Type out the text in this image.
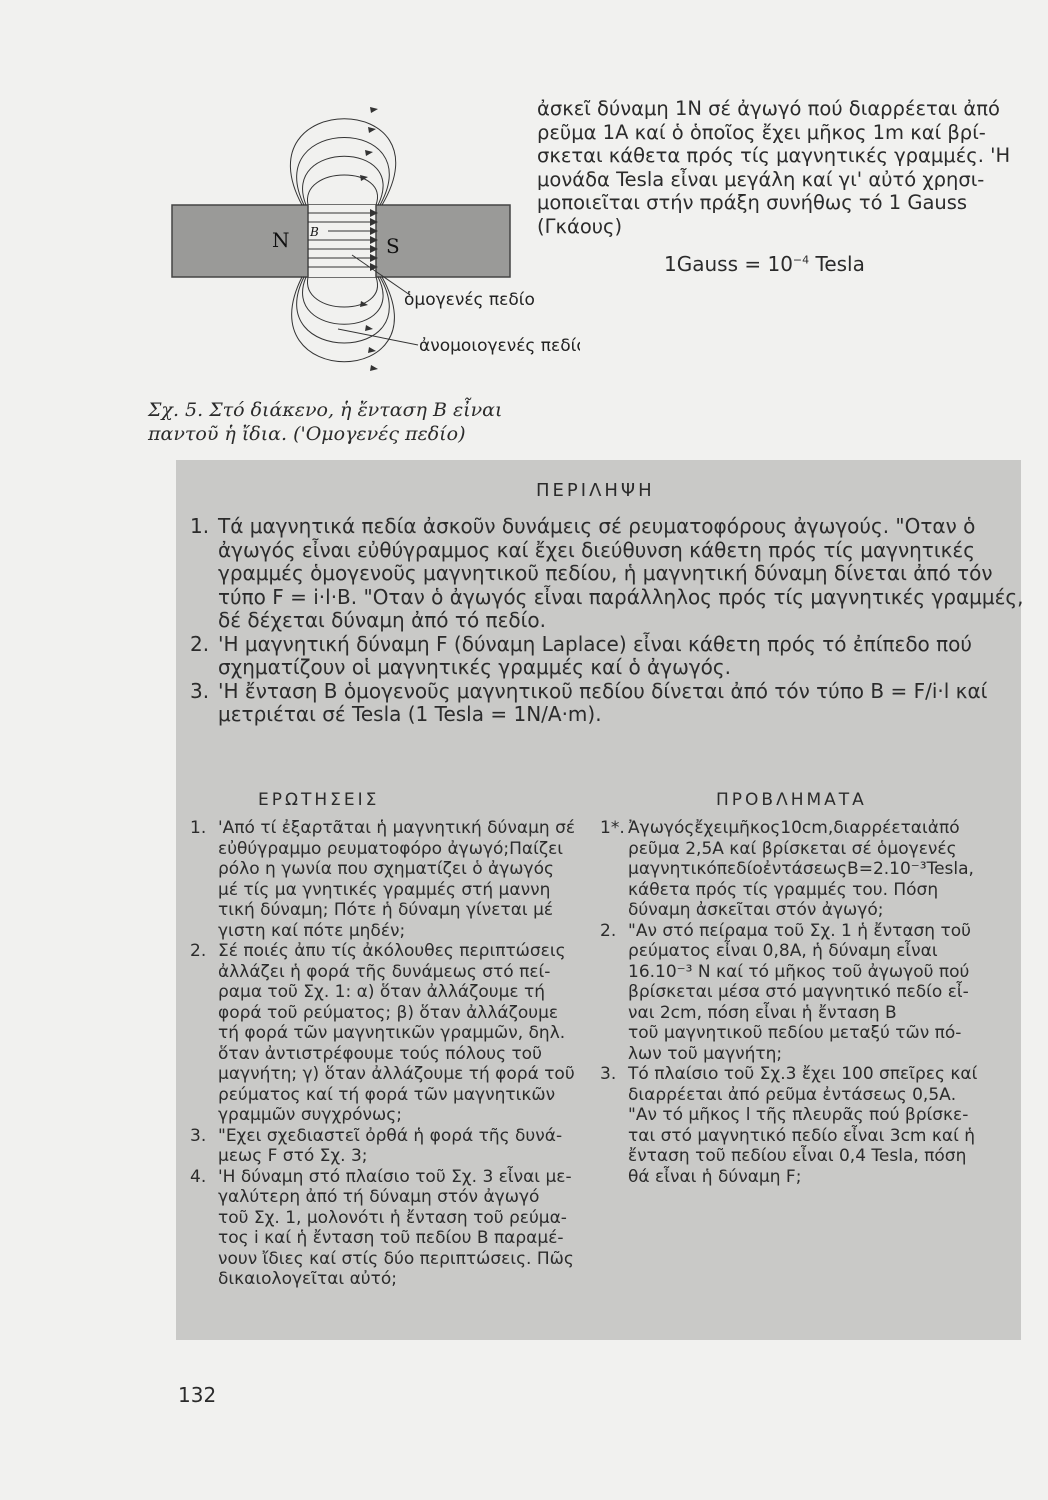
N	S
B
ὁμογενές πεδίο
ἀνομοιογενές πεδίο
Σχ. 5. Στό διάκενο, ἡ ἔνταση Β εἶναι
παντοῦ ἡ ἴδια. ('Ομογενές πεδίο)
ἀσκεῖ δύναμη 1Ν σέ ἀγωγό πού διαρρέεται ἀπό
ρεῦμα 1Α καί ὁ ὁποῖος ἔχει μῆκος 1m καί βρί-
σκεται κάθετα πρός τίς μαγνητικές γραμμές. 'Η
μονάδα Tesla εἶναι μεγάλη καί γι' αὐτό χρησι-
μοποιεῖται στήν πράξη συνήθως τό 1 Gauss
(Γκάους)
1Gauss = $10^{-4}$ Tesla
ΠΕΡΙΛΗΨΗ
1. Τά μαγνητικά πεδία ἀσκοῦν δυνάμεις σέ ρευματοφόρους ἀγωγούς. "Οταν ὁ
ἀγωγός εἶναι εὐθύγραμμος καί ἔχει διεύθυνση κάθετη πρός τίς μαγνητικές
γραμμές ὁμογενοῦς μαγνητικοῦ πεδίου, ἡ μαγνητική δύναμη δίνεται ἀπό τόν
τύπο F = i·l·B. "Οταν ὁ ἀγωγός εἶναι παράλληλος πρός τίς μαγνητικές γραμμές,
δέ δέχεται δύναμη ἀπό τό πεδίο.
2. 'Η μαγνητική δύναμη F (δύναμη Laplace) εἶναι κάθετη πρός τό ἐπίπεδο πού
σχηματίζουν οἱ μαγνητικές γραμμές καί ὁ ἀγωγός.
3. 'Η ἔνταση Β ὁμογενοῦς μαγνητικοῦ πεδίου δίνεται ἀπό τόν τύπο Β = F/i·l καί
μετριέται σέ Tesla (1 Tesla = 1N/A·m).
ΕΡΩΤΗΣΕΙΣ	ΠΡΟΒΛΗΜΑΤΑ
1. 'Από τί ἐξαρτᾶται ἡ μαγνητική δύναμη σέ
εὐθύγραμμο ρευματοφόρο ἀγωγό;Παίζει
ρόλο η γωνία που σχηματίζει ὁ ἀγωγός
μέ τίς μα γνητικές γραμμές στή μαννη
τική δύναμη; Πότε ἡ δύναμη γίνεται μέ
γιστη καί πότε μηδέν;
2. Σέ ποιές ἀπυ τίς ἀκόλουθες περιπτώσεις
ἀλλάζει ἡ φορά τῆς δυνάμεως στό πεί-
ραμα τοῦ Σχ. 1: α) ὅταν ἀλλάζουμε τή
φορά τοῦ ρεύματος; β) ὅταν ἀλλάζουμε
τή φορά τῶν μαγνητικῶν γραμμῶν, δηλ.
ὅταν ἀντιστρέφουμε τούς πόλους τοῦ
μαγνήτη; γ) ὅταν ἀλλάζουμε τή φορά τοῦ
ρεύματος καί τή φορά τῶν μαγνητικῶν
γραμμῶν συγχρόνως;
3. "Εχει σχεδιαστεῖ ὀρθά ἡ φορά τῆς δυνά-
μεως F στό Σχ. 3;
4. 'Η δύναμη στό πλαίσιο τοῦ Σχ. 3 εἶναι με-
γαλύτερη ἀπό τή δύναμη στόν ἀγωγό
τοῦ Σχ. 1, μολονότι ἡ ἔνταση τοῦ ρεύμα-
τος i καί ἡ ἔνταση τοῦ πεδίου Β παραμέ-
νουν ἴδιες καί στίς δύο περιπτώσεις. Πῶς
δικαιολογεῖται αὐτό;
1*. Ἀγωγόςἔχειμῆκος10cm,διαρρέεταιἀπό
ρεῦμα 2,5Α καί βρίσκεται σέ ὁμογενές
μαγνητικόπεδίοἐντάσεωςΒ=2.10⁻³Tesla,
κάθετα πρός τίς γραμμές του. Πόση
δύναμη ἀσκεῖται στόν ἀγωγό;
2. "Αν στό πείραμα τοῦ Σχ. 1 ἡ ἔνταση τοῦ
ρεύματος εἶναι 0,8Α, ἡ δύναμη εἶναι
16.10⁻³ Ν καί τό μῆκος τοῦ ἀγωγοῦ πού
βρίσκεται μέσα στό μαγνητικό πεδίο εἶ-
ναι 2cm, πόση εἶναι ἡ ἔνταση Β
τοῦ μαγνητικοῦ πεδίου μεταξύ τῶν πό-
λων τοῦ μαγνήτη;
3. Τό πλαίσιο τοῦ Σχ.3 ἔχει 100 σπεῖρες καί
διαρρέεται ἀπό ρεῦμα ἐντάσεως 0,5Α.
"Αν τό μῆκος l τῆς πλευρᾶς πού βρίσκε-
ται στό μαγνητικό πεδίο εἶναι 3cm καί ἡ
ἔνταση τοῦ πεδίου εἶναι 0,4 Tesla, πόση
θά εἶναι ἡ δύναμη F;
132
